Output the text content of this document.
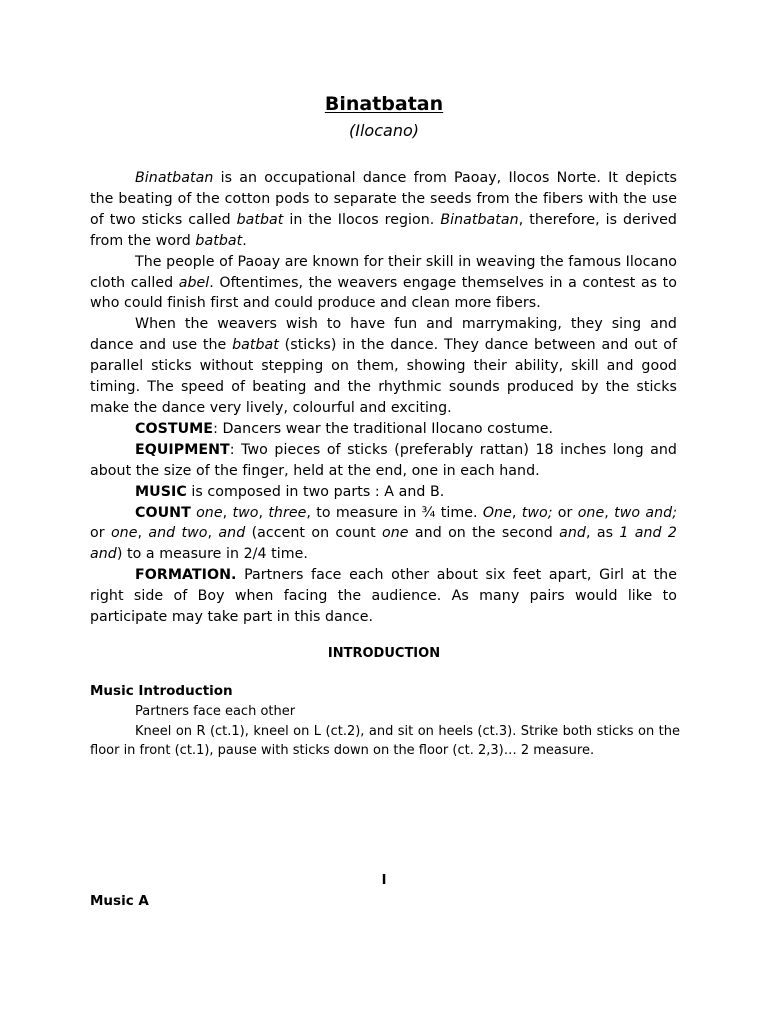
Binatbatan
(Ilocano)

Binatbatan is an occupational dance from Paoay, Ilocos Norte. It depicts the beating of the cotton pods to separate the seeds from the fibers with the use of two sticks called batbat in the Ilocos region. Binatbatan, therefore, is derived from the word batbat.

The people of Paoay are known for their skill in weaving the famous Ilocano cloth called abel. Oftentimes, the weavers engage themselves in a contest as to who could finish first and could produce and clean more fibers.

When the weavers wish to have fun and marrymaking, they sing and dance and use the batbat (sticks) in the dance. They dance between and out of parallel sticks without stepping on them, showing their ability, skill and good timing. The speed of beating and the rhythmic sounds produced by the sticks make the dance very lively, colourful and exciting.

COSTUME: Dancers wear the traditional Ilocano costume.

EQUIPMENT: Two pieces of sticks (preferably rattan) 18 inches long and about the size of the finger, held at the end, one in each hand.

MUSIC is composed in two parts : A and B.

COUNT one, two, three, to measure in ¾ time. One, two; or one, two and; or one, and two, and (accent on count one and on the second and, as 1 and 2 and) to a measure in 2/4 time.

FORMATION. Partners face each other about six feet apart, Girl at the right side of Boy when facing the audience. As many pairs would like to participate may take part in this dance.

INTRODUCTION
Music Introduction

Partners face each other

Kneel on R (ct.1), kneel on L (ct.2), and sit on heels (ct.3). Strike both sticks on the floor in front (ct.1), pause with sticks down on the floor (ct. 2,3)… 2 measure.

I
Music A
